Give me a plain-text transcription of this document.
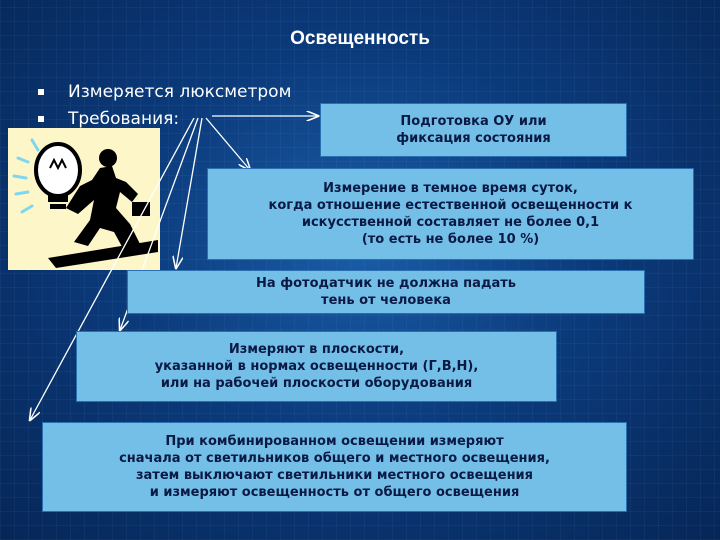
Освещенность
Измеряется люксметром
Требования:	Подготовка ОУ или
фиксация состояния
Измерение в темное время суток,
когда отношение естественной освещенности к
искусственной составляет не более 0,1
(то есть не более 10 %)
На фотодатчик не должна падать
тень от человека
Измеряют в плоскости,
указанной в нормах освещенности (Г,В,Н),
или на рабочей плоскости оборудования
При комбинированном освещении измеряют
сначала от светильников общего и местного освещения,
затем выключают светильники местного освещения
и измеряют освещенность от общего освещения
